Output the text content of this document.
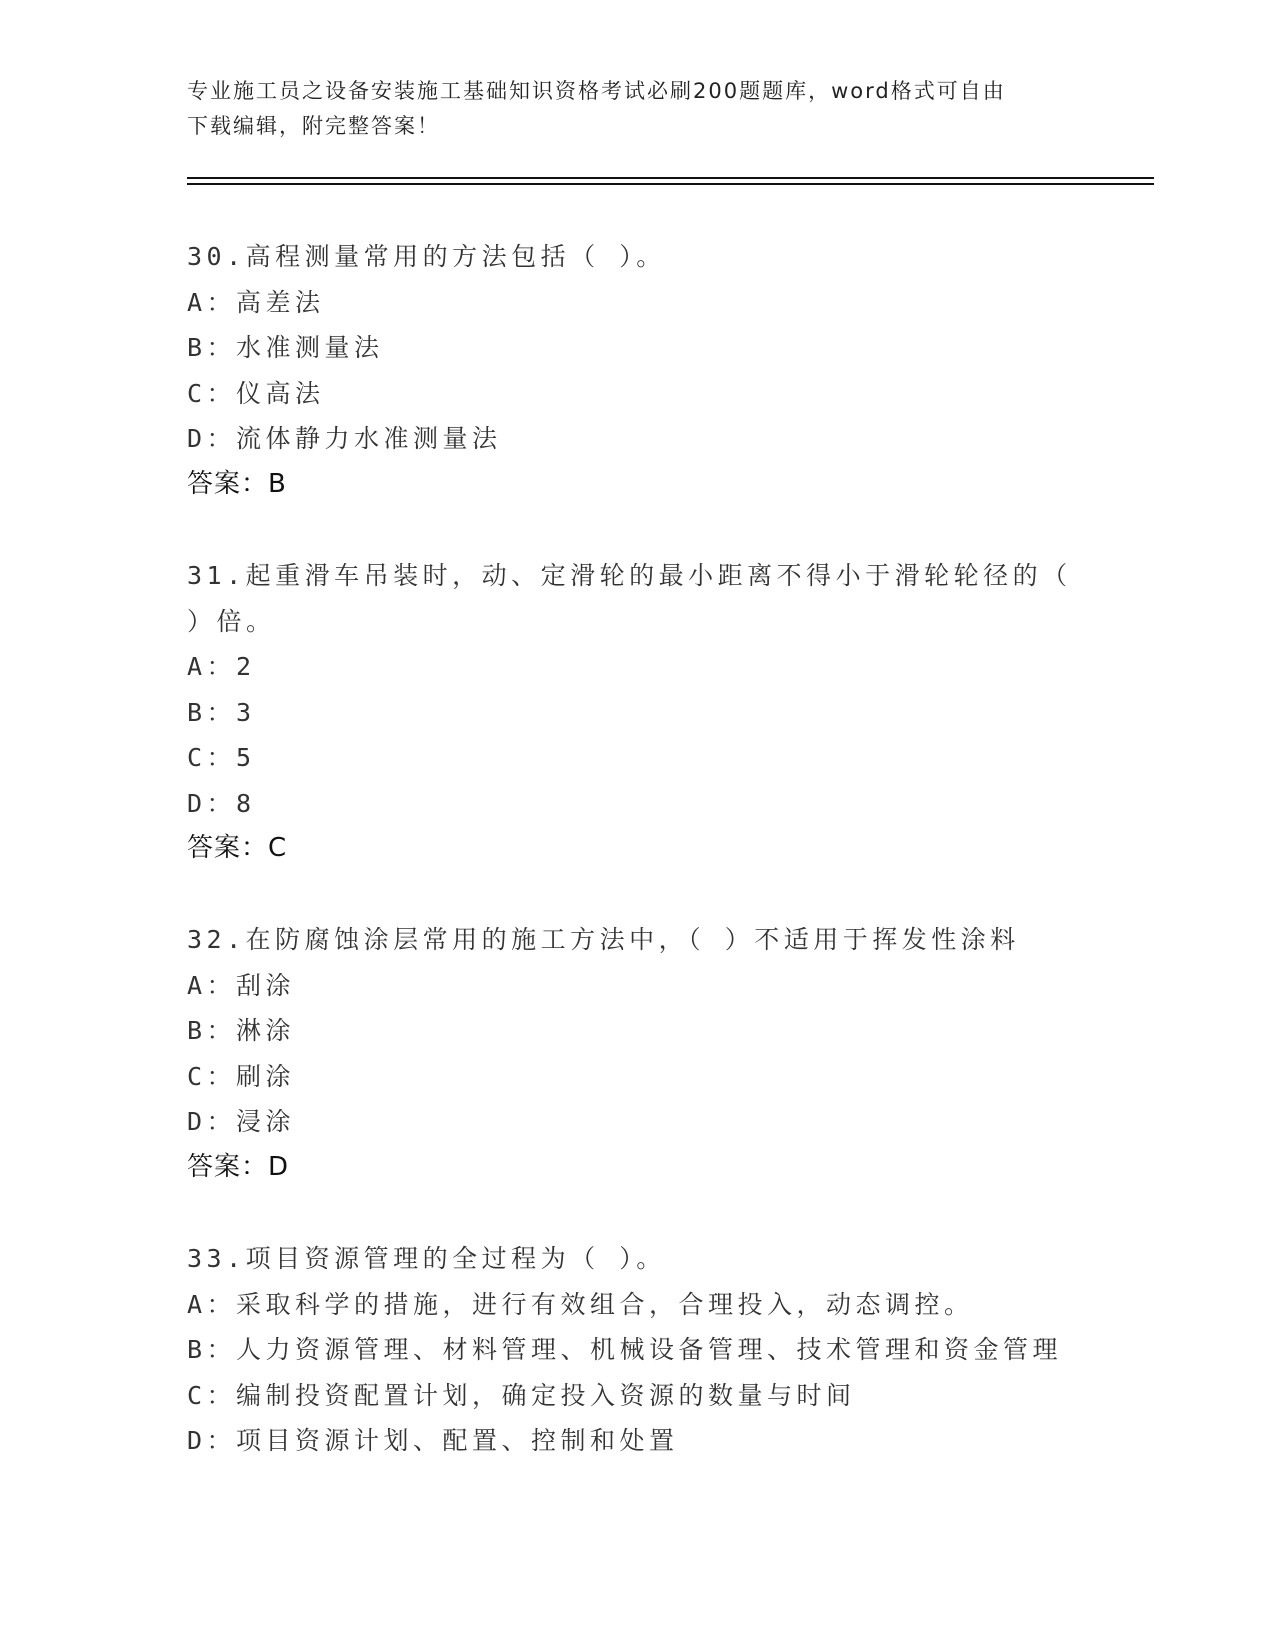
专业施工员之设备安装施工基础知识资格考试必刷200题题库，word格式可自由
下载编辑，附完整答案！
30.高程测量常用的方法包括（ ）。
A：高差法
B：水准测量法
C：仪高法
D：流体静力水准测量法
答案：B
31.起重滑车吊装时，动、定滑轮的最小距离不得小于滑轮轮径的（
）倍。
A：2
B：3
C：5
D：8
答案：C
32.在防腐蚀涂层常用的施工方法中，（ ）不适用于挥发性涂料
A：刮涂
B：淋涂
C：刷涂
D：浸涂
答案：D
33.项目资源管理的全过程为（ ）。
A：采取科学的措施，进行有效组合，合理投入，动态调控。
B：人力资源管理、材料管理、机械设备管理、技术管理和资金管理
C：编制投资配置计划，确定投入资源的数量与时间
D：项目资源计划、配置、控制和处置
